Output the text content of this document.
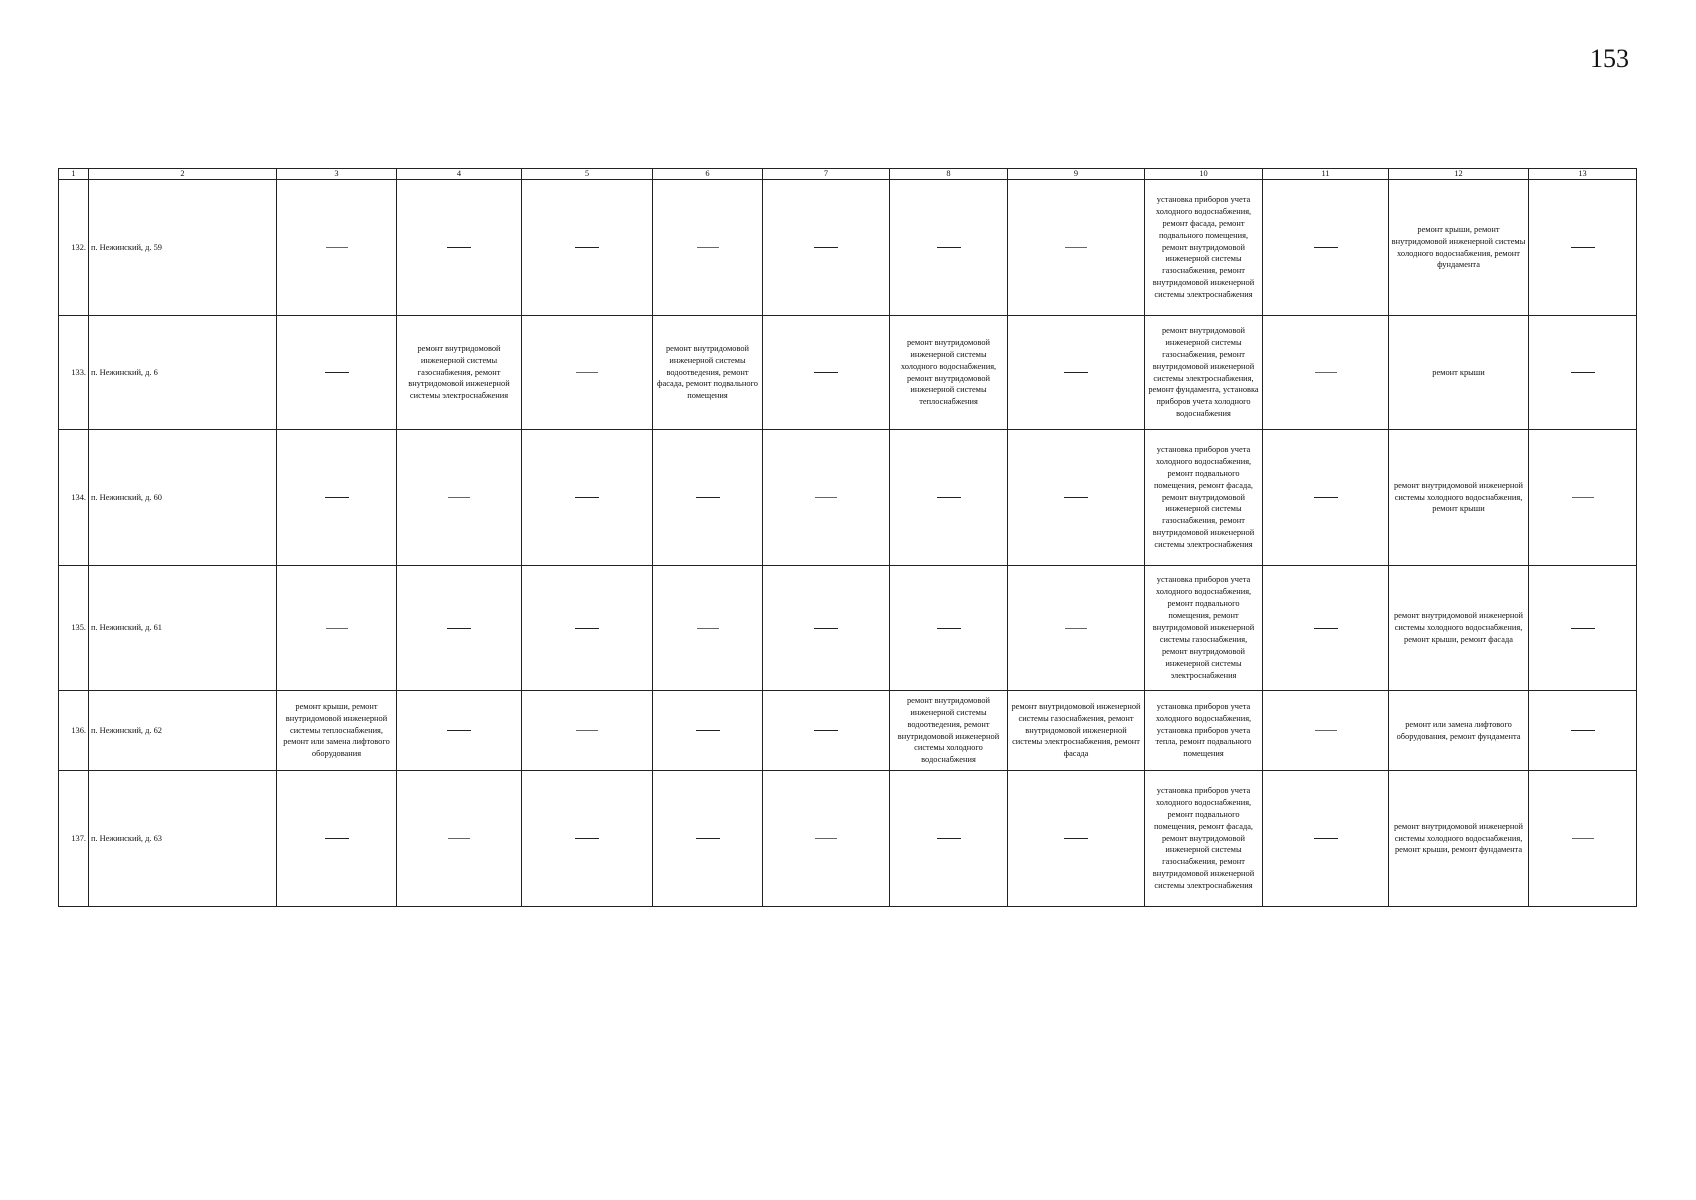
153
1	2	3	4	5	6	7	8	9	10	11	12	13
132.	п. Нежинский, д. 59								установка приборов учета холодного водоснабжения, ремонт фасада, ремонт подвального помещения, ремонт внутридомовой инженерной системы газоснабжения, ремонт внутридомовой инженерной системы электроснабжения		ремонт крыши, ремонт внутридомовой инженерной системы холодного водоснабжения, ремонт фундамента	

133.	п. Нежинский, д. 6		ремонт внутридомовой инженерной системы газоснабжения, ремонт внутридомовой инженерной системы электроснабжения		ремонт внутридомовой инженерной системы водоотведения, ремонт фасада, ремонт подвального помещения		ремонт внутридомовой инженерной системы холодного водоснабжения, ремонт внутридомовой инженерной системы теплоснабжения		ремонт внутридомовой инженерной системы газоснабжения, ремонт внутридомовой инженерной системы электроснабжения, ремонт фундамента, установка приборов учета холодного водоснабжения		ремонт крыши	

134.	п. Нежинский, д. 60								установка приборов учета холодного водоснабжения, ремонт подвального помещения, ремонт фасада, ремонт внутридомовой инженерной системы газоснабжения, ремонт внутридомовой инженерной системы электроснабжения		ремонт внутридомовой инженерной системы холодного водоснабжения, ремонт крыши	

135.	п. Нежинский, д. 61								установка приборов учета холодного водоснабжения, ремонт подвального помещения, ремонт внутридомовой инженерной системы газоснабжения, ремонт внутридомовой инженерной системы электроснабжения		ремонт внутридомовой инженерной системы холодного водоснабжения, ремонт крыши, ремонт фасада	

136.	п. Нежинский, д. 62	ремонт крыши, ремонт внутридомовой инженерной системы теплоснабжения, ремонт или замена лифтового оборудования					ремонт внутридомовой инженерной системы водоотведения, ремонт внутридомовой инженерной системы холодного водоснабжения	ремонт внутридомовой инженерной системы газоснабжения, ремонт внутридомовой инженерной системы электроснабжения, ремонт фасада	установка приборов учета холодного водоснабжения, установка приборов учета тепла, ремонт подвального помещения		ремонт или замена лифтового оборудования, ремонт фундамента	

137.	п. Нежинский, д. 63								установка приборов учета холодного водоснабжения, ремонт подвального помещения, ремонт фасада, ремонт внутридомовой инженерной системы газоснабжения, ремонт внутридомовой инженерной системы электроснабжения		ремонт внутридомовой инженерной системы холодного водоснабжения, ремонт крыши, ремонт фундамента	
